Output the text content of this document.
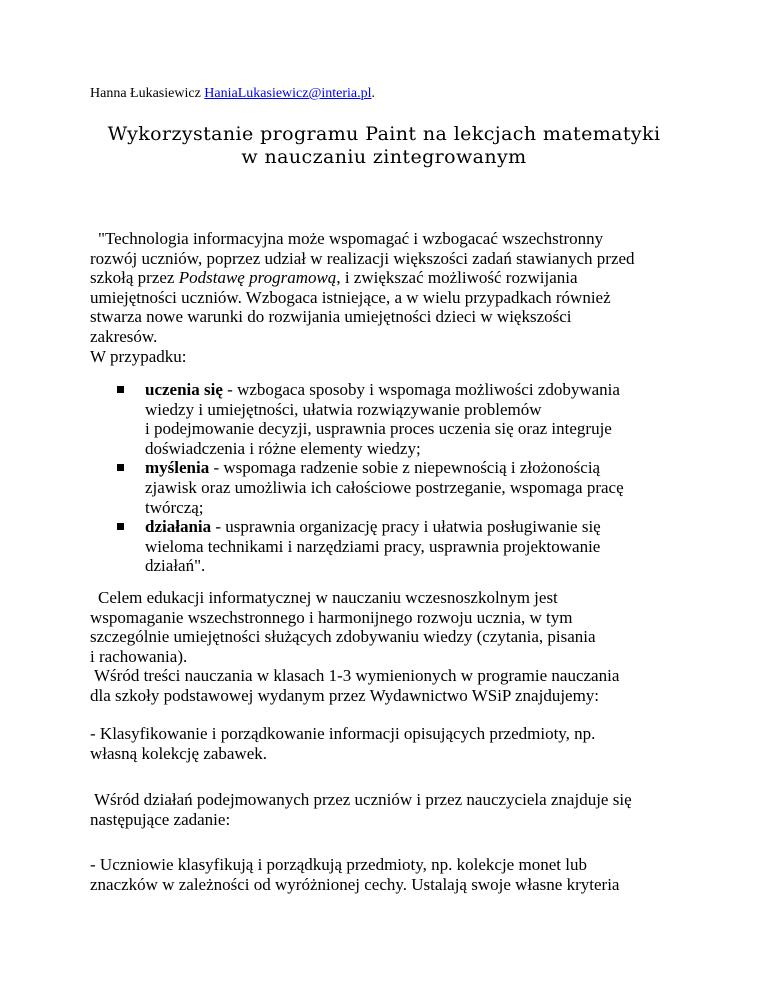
Hanna Łukasiewicz HaniaLukasiewicz@interia.pl.
Wykorzystanie programu Paint na lekcjach matematyki
w nauczaniu zintegrowanym

"Technologia informacyjna może wspomagać i wzbogacać wszechstronny
rozwój uczniów, poprzez udział w realizacji większości zadań stawianych przed
szkołą przez Podstawę programową, i zwiększać możliwość rozwijania
umiejętności uczniów. Wzbogaca istniejące, a w wielu przypadkach również
stwarza nowe warunki do rozwijania umiejętności dzieci w większości
zakresów.
W przypadku:

uczenia się - wzbogaca sposoby i wspomaga możliwości zdobywania
wiedzy i umiejętności, ułatwia rozwiązywanie problemów
i podejmowanie decyzji, usprawnia proces uczenia się oraz integruje
doświadczenia i różne elementy wiedzy;
myślenia - wspomaga radzenie sobie z niepewnością i złożonością
zjawisk oraz umożliwia ich całościowe postrzeganie, wspomaga pracę
twórczą;
działania - usprawnia organizację pracy i ułatwia posługiwanie się
wieloma technikami i narzędziami pracy, usprawnia projektowanie
działań".

Celem edukacji informatycznej w nauczaniu wczesnoszkolnym jest
wspomaganie wszechstronnego i harmonijnego rozwoju ucznia, w tym
szczególnie umiejętności służących zdobywaniu wiedzy (czytania, pisania
i rachowania).
Wśród treści nauczania w klasach 1-3 wymienionych w programie nauczania
dla szkoły podstawowej wydanym przez Wydawnictwo WSiP znajdujemy:

- Klasyfikowanie i porządkowanie informacji opisujących przedmioty, np.
własną kolekcję zabawek.

Wśród działań podejmowanych przez uczniów i przez nauczyciela znajduje się
następujące zadanie:

- Uczniowie klasyfikują i porządkują przedmioty, np. kolekcje monet lub
znaczków w zależności od wyróżnionej cechy. Ustalają swoje własne kryteria
